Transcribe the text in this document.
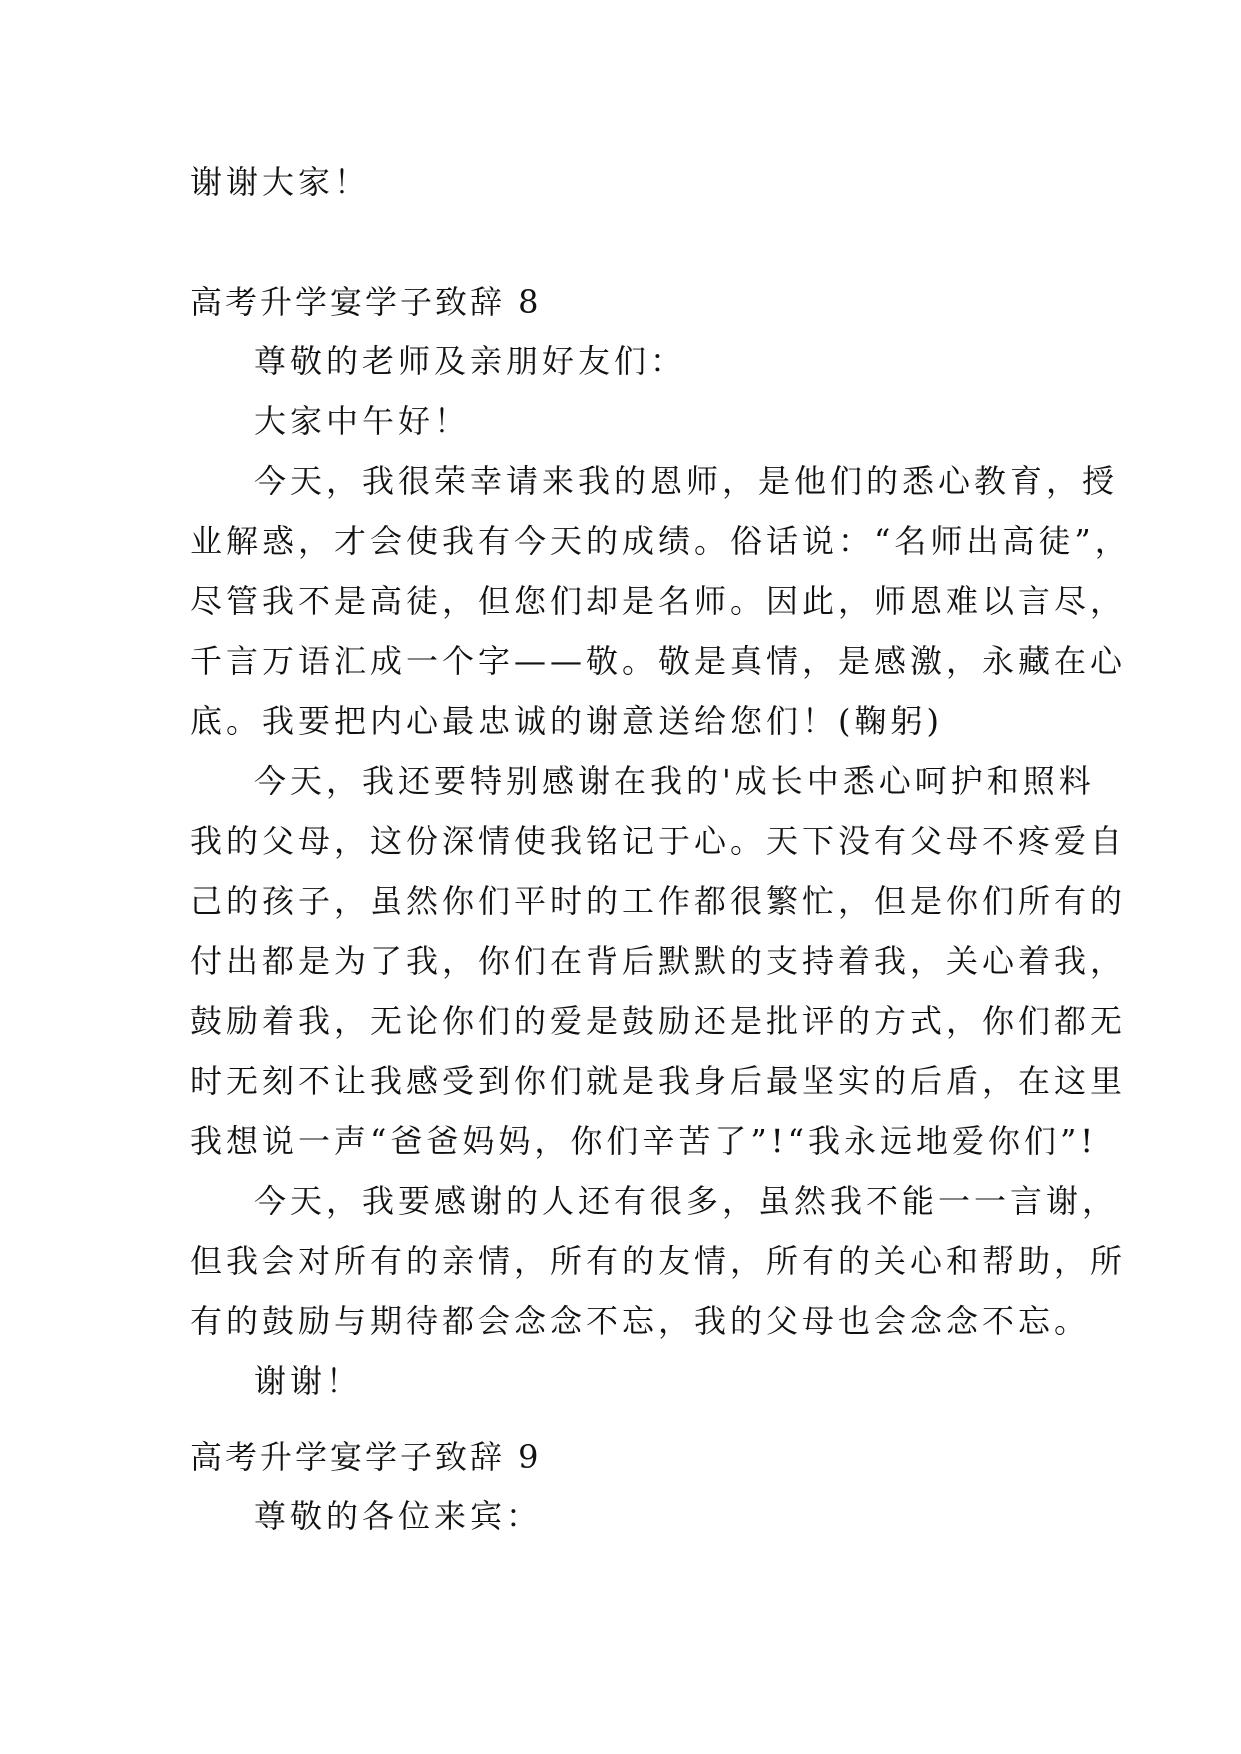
谢谢大家！
高考升学宴学子致辞 8
尊敬的老师及亲朋好友们：
大家中午好！
今天，我很荣幸请来我的恩师，是他们的悉心教育，授
业解惑，才会使我有今天的成绩。俗话说：“名师出高徒”，
尽管我不是高徒，但您们却是名师。因此，师恩难以言尽，
千言万语汇成一个字——敬。敬是真情，是感激，永藏在心
底。我要把内心最忠诚的谢意送给您们！(鞠躬)
今天，我还要特别感谢在我的'成长中悉心呵护和照料
我的父母，这份深情使我铭记于心。天下没有父母不疼爱自
己的孩子，虽然你们平时的工作都很繁忙，但是你们所有的
付出都是为了我，你们在背后默默的支持着我，关心着我，
鼓励着我，无论你们的爱是鼓励还是批评的方式，你们都无
时无刻不让我感受到你们就是我身后最坚实的后盾，在这里
我想说一声“爸爸妈妈，你们辛苦了”!“我永远地爱你们”!
今天，我要感谢的人还有很多，虽然我不能一一言谢，
但我会对所有的亲情，所有的友情，所有的关心和帮助，所
有的鼓励与期待都会念念不忘，我的父母也会念念不忘。
谢谢！
高考升学宴学子致辞 9
尊敬的各位来宾：
